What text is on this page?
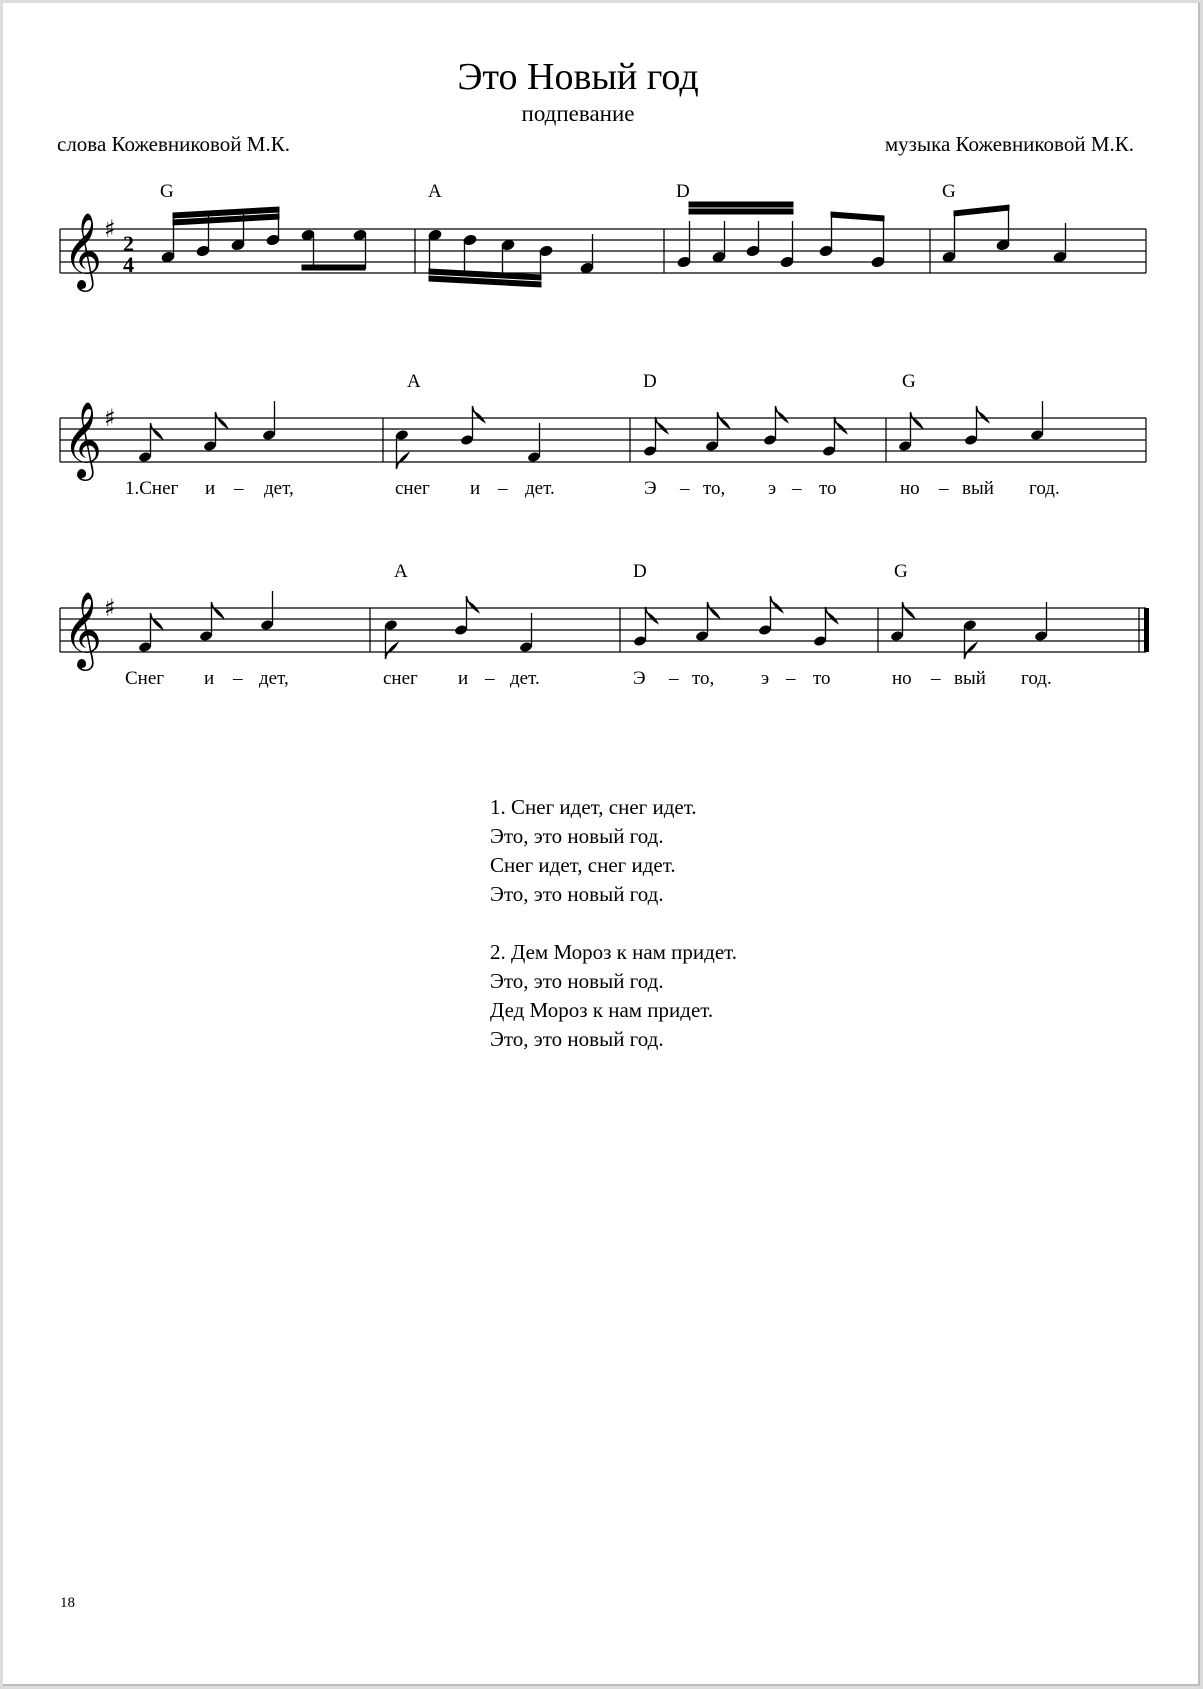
Это Новый год
подпевание
слова Кожевниковой М.К.	музыка Кожевниковой М.К.
𝄞 ♯
2
4
G	A	D	G
𝄞 ♯
A	D	G
1.Снег и – дет,	снег и – дет.	Э – то, э – то	но – вый год.
𝄞 ♯
A	D	G
Снег и – дет,	снег и – дет.	Э – то, э – то	но – вый год.
1. Снег идет, снег идет.
Это, это новый год.
Снег идет, снег идет.
Это, это новый год.
2. Дем Мороз к нам придет.
Это, это новый год.
Дед Мороз к нам придет.
Это, это новый год.
18
